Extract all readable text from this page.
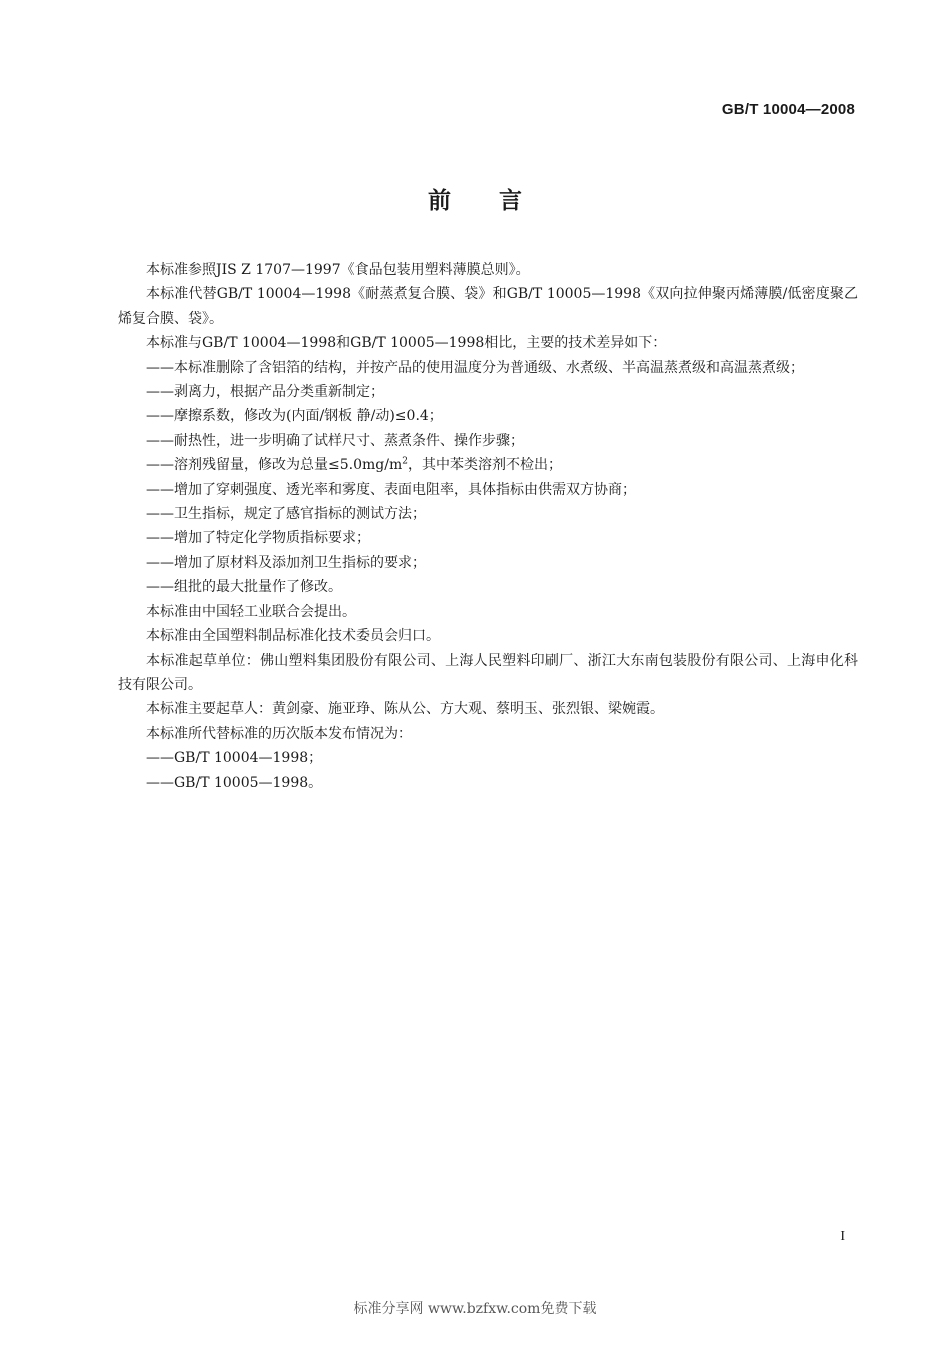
GB/T 10004—2008
前言

本标准参照JIS Z 1707—1997《食品包装用塑料薄膜总则》。

本标准代替GB/T 10004—1998《耐蒸煮复合膜、袋》和GB/T 10005—1998《双向拉伸聚丙烯薄膜/低密度聚乙烯复合膜、袋》。

本标准与GB/T 10004—1998和GB/T 10005—1998相比，主要的技术差异如下：

——本标准删除了含铝箔的结构，并按产品的使用温度分为普通级、水煮级、半高温蒸煮级和高温蒸煮级；

——剥离力，根据产品分类重新制定；

——摩擦系数，修改为(内面/钢板 静/动)≤0.4；

——耐热性，进一步明确了试样尺寸、蒸煮条件、操作步骤；

——溶剂残留量，修改为总量$\le 5.0mg/m^2$，其中苯类溶剂不检出；

——增加了穿刺强度、透光率和雾度、表面电阻率，具体指标由供需双方协商；

——卫生指标，规定了感官指标的测试方法；

——增加了特定化学物质指标要求；

——增加了原材料及添加剂卫生指标的要求；

——组批的最大批量作了修改。

本标准由中国轻工业联合会提出。

本标准由全国塑料制品标准化技术委员会归口。

本标准起草单位：佛山塑料集团股份有限公司、上海人民塑料印刷厂、浙江大东南包装股份有限公司、上海申化科技有限公司。

本标准主要起草人：黄剑豪、施亚琤、陈从公、方大观、蔡明玉、张烈银、梁婉霞。

本标准所代替标准的历次版本发布情况为：

——GB/T 10004—1998；

——GB/T 10005—1998。

I
标准分享网 www.bzfxw.com免费下载
